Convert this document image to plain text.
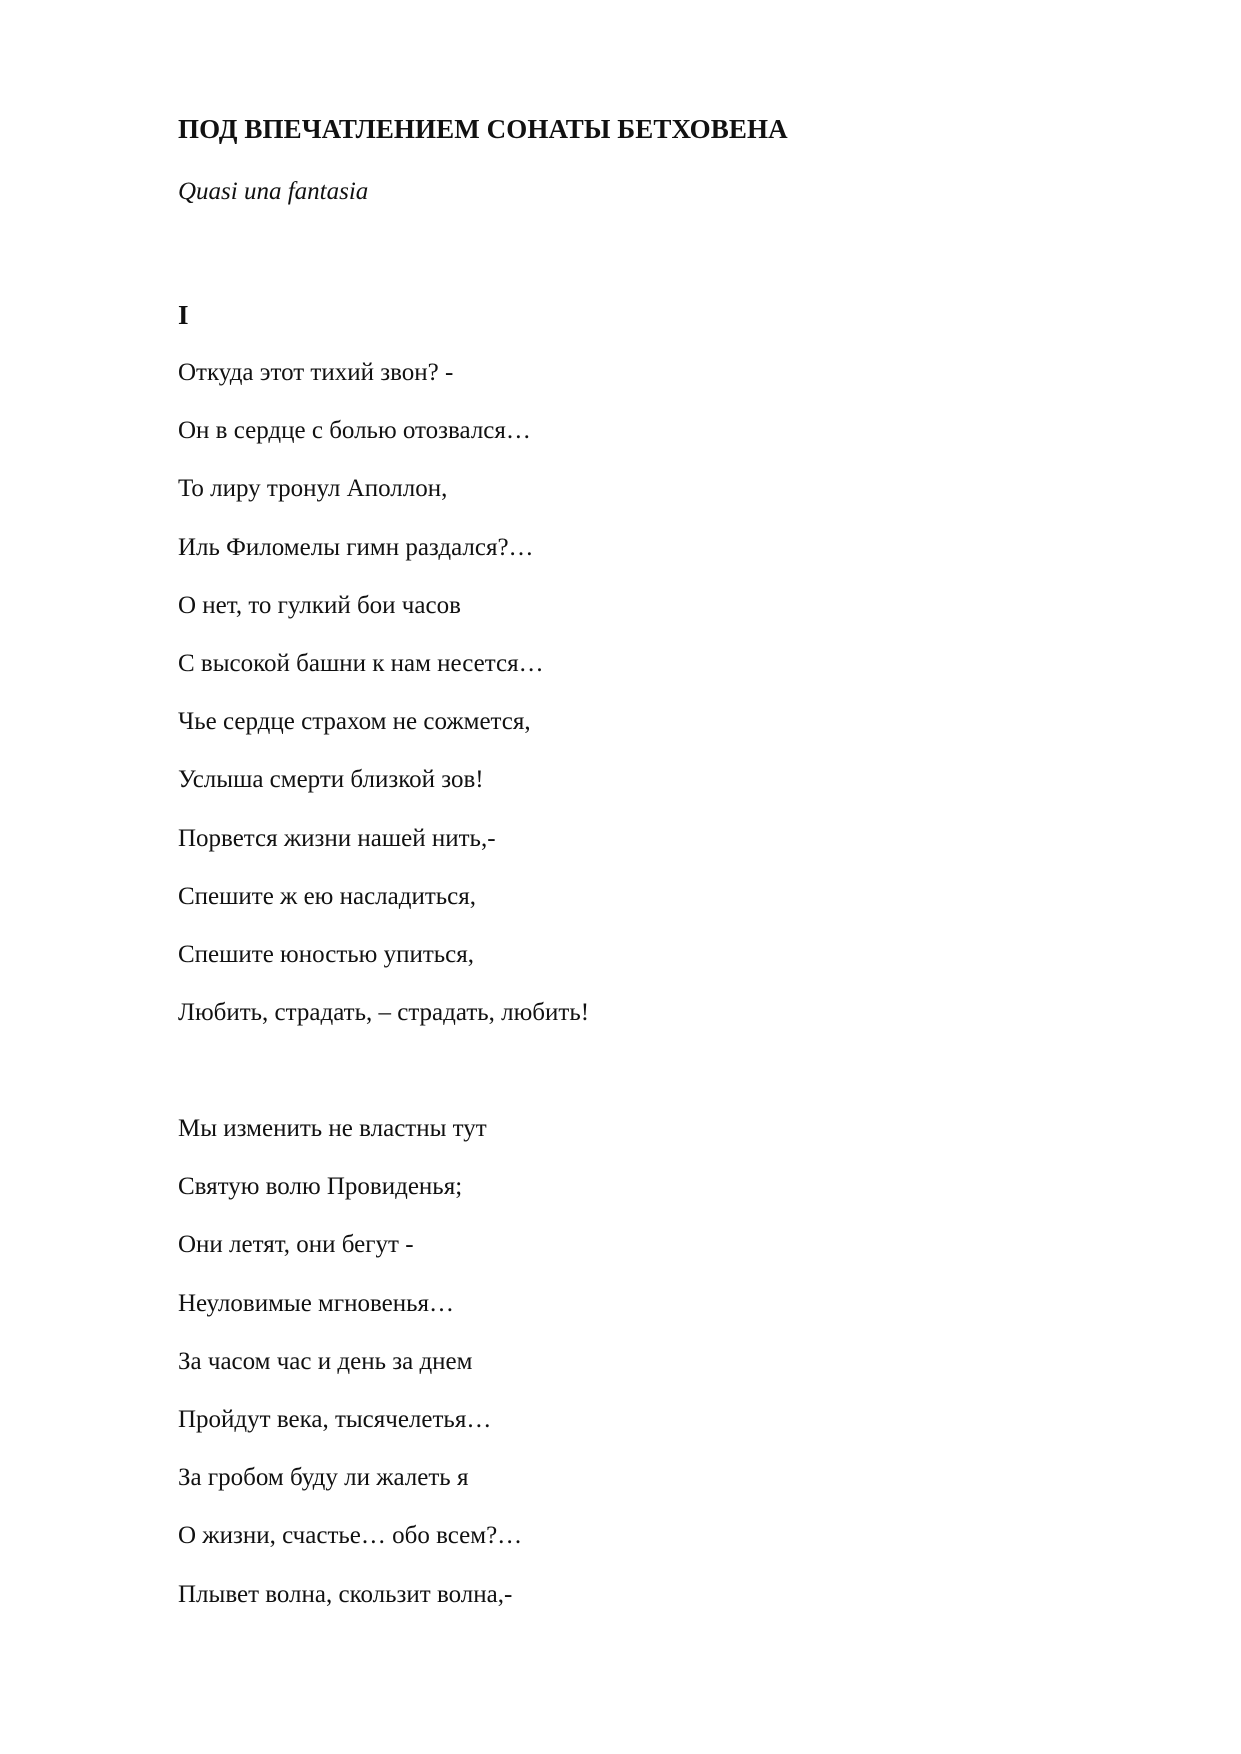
ПОД ВПЕЧАТЛЕНИЕМ СОНАТЫ БЕТХОВЕНА
Quasi una fantasia
I
Откуда этот тихий звон? -
Он в сердце с болью отозвался…
То лиру тронул Аполлон,
Иль Филомелы гимн раздался?…
О нет, то гулкий бои часов
С высокой башни к нам несется…
Чье сердце страхом не сожмется,
Услыша смерти близкой зов!
Порвется жизни нашей нить,-
Спешите ж ею насладиться,
Спешите юностью упиться,
Любить, страдать, – страдать, любить!
Мы изменить не властны тут
Святую волю Провиденья;
Они летят, они бегут -
Неуловимые мгновенья…
За часом час и день за днем
Пройдут века, тысячелетья…
За гробом буду ли жалеть я
О жизни, счастье… обо всем?…
Плывет волна, скользит волна,-
